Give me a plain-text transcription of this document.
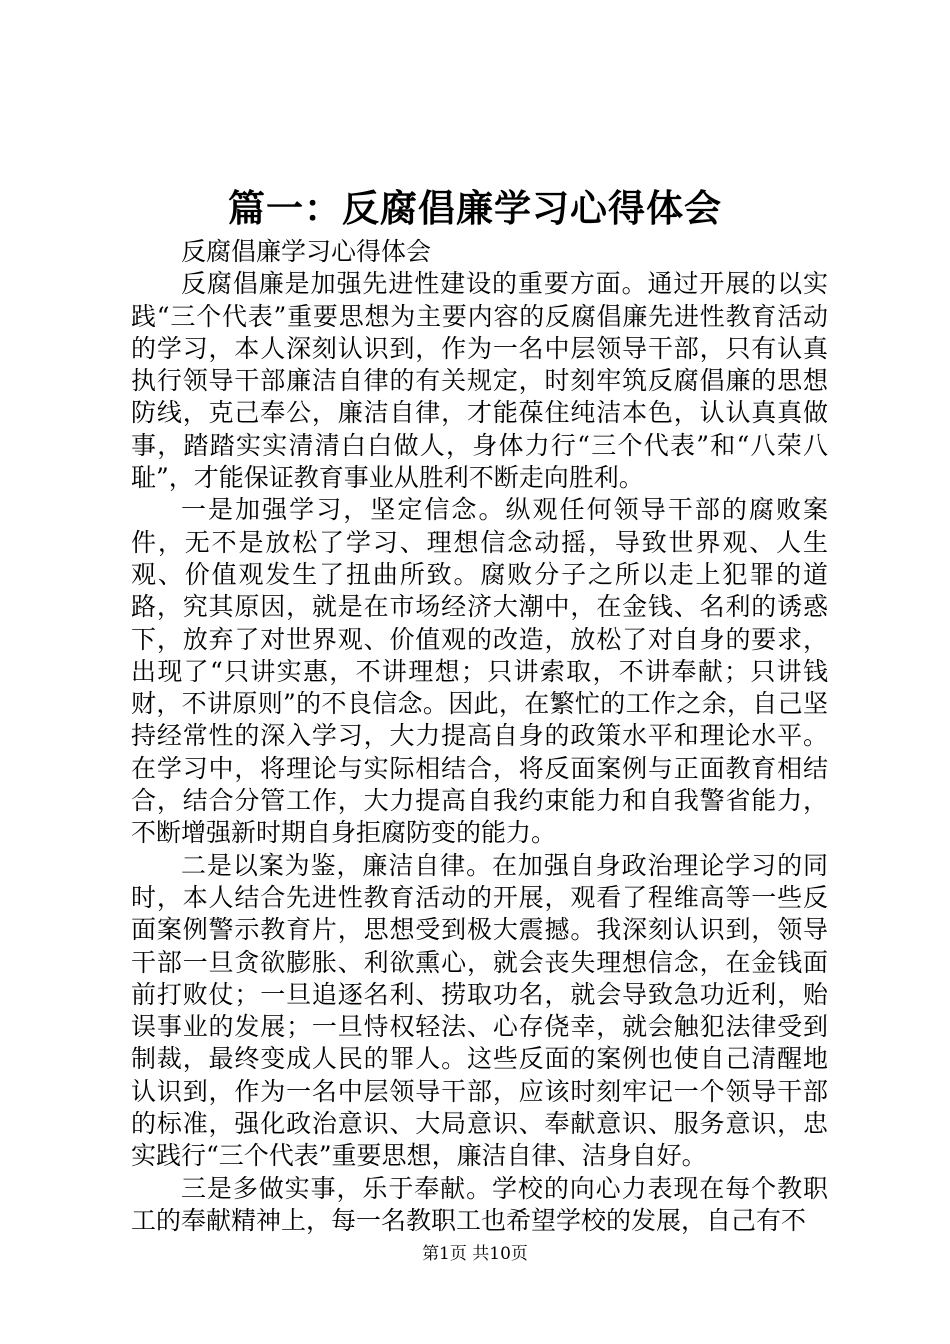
篇一：反腐倡廉学习心得体会

反腐倡廉学习心得体会

反腐倡廉是加强先进性建设的重要方面。通过开展的以实践“三个代表”重要思想为主要内容的反腐倡廉先进性教育活动的学习，本人深刻认识到，作为一名中层领导干部，只有认真执行领导干部廉洁自律的有关规定，时刻牢筑反腐倡廉的思想防线，克己奉公，廉洁自律，才能葆住纯洁本色，认认真真做事，踏踏实实清清白白做人，身体力行“三个代表”和“八荣八耻”，才能保证教育事业从胜利不断走向胜利。

一是加强学习，坚定信念。纵观任何领导干部的腐败案件，无不是放松了学习、理想信念动摇，导致世界观、人生观、价值观发生了扭曲所致。腐败分子之所以走上犯罪的道路，究其原因，就是在市场经济大潮中，在金钱、名利的诱惑下，放弃了对世界观、价值观的改造，放松了对自身的要求，出现了“只讲实惠，不讲理想；只讲索取，不讲奉献；只讲钱财，不讲原则”的不良信念。因此，在繁忙的工作之余，自己坚持经常性的深入学习，大力提高自身的政策水平和理论水平。在学习中，将理论与实际相结合，将反面案例与正面教育相结合，结合分管工作，大力提高自我约束能力和自我警省能力，不断增强新时期自身拒腐防变的能力。

二是以案为鉴，廉洁自律。在加强自身政治理论学习的同时，本人结合先进性教育活动的开展，观看了程维高等一些反面案例警示教育片，思想受到极大震撼。我深刻认识到，领导干部一旦贪欲膨胀、利欲熏心，就会丧失理想信念，在金钱面前打败仗；一旦追逐名利、捞取功名，就会导致急功近利，贻误事业的发展；一旦恃权轻法、心存侥幸，就会触犯法律受到制裁，最终变成人民的罪人。这些反面的案例也使自己清醒地认识到，作为一名中层领导干部，应该时刻牢记一个领导干部的标准，强化政治意识、大局意识、奉献意识、服务意识，忠实践行“三个代表”重要思想，廉洁自律、洁身自好。

三是多做实事，乐于奉献。学校的向心力表现在每个教职工的奉献精神上，每一名教职工也希望学校的发展，自己有不

第1页 共10页
